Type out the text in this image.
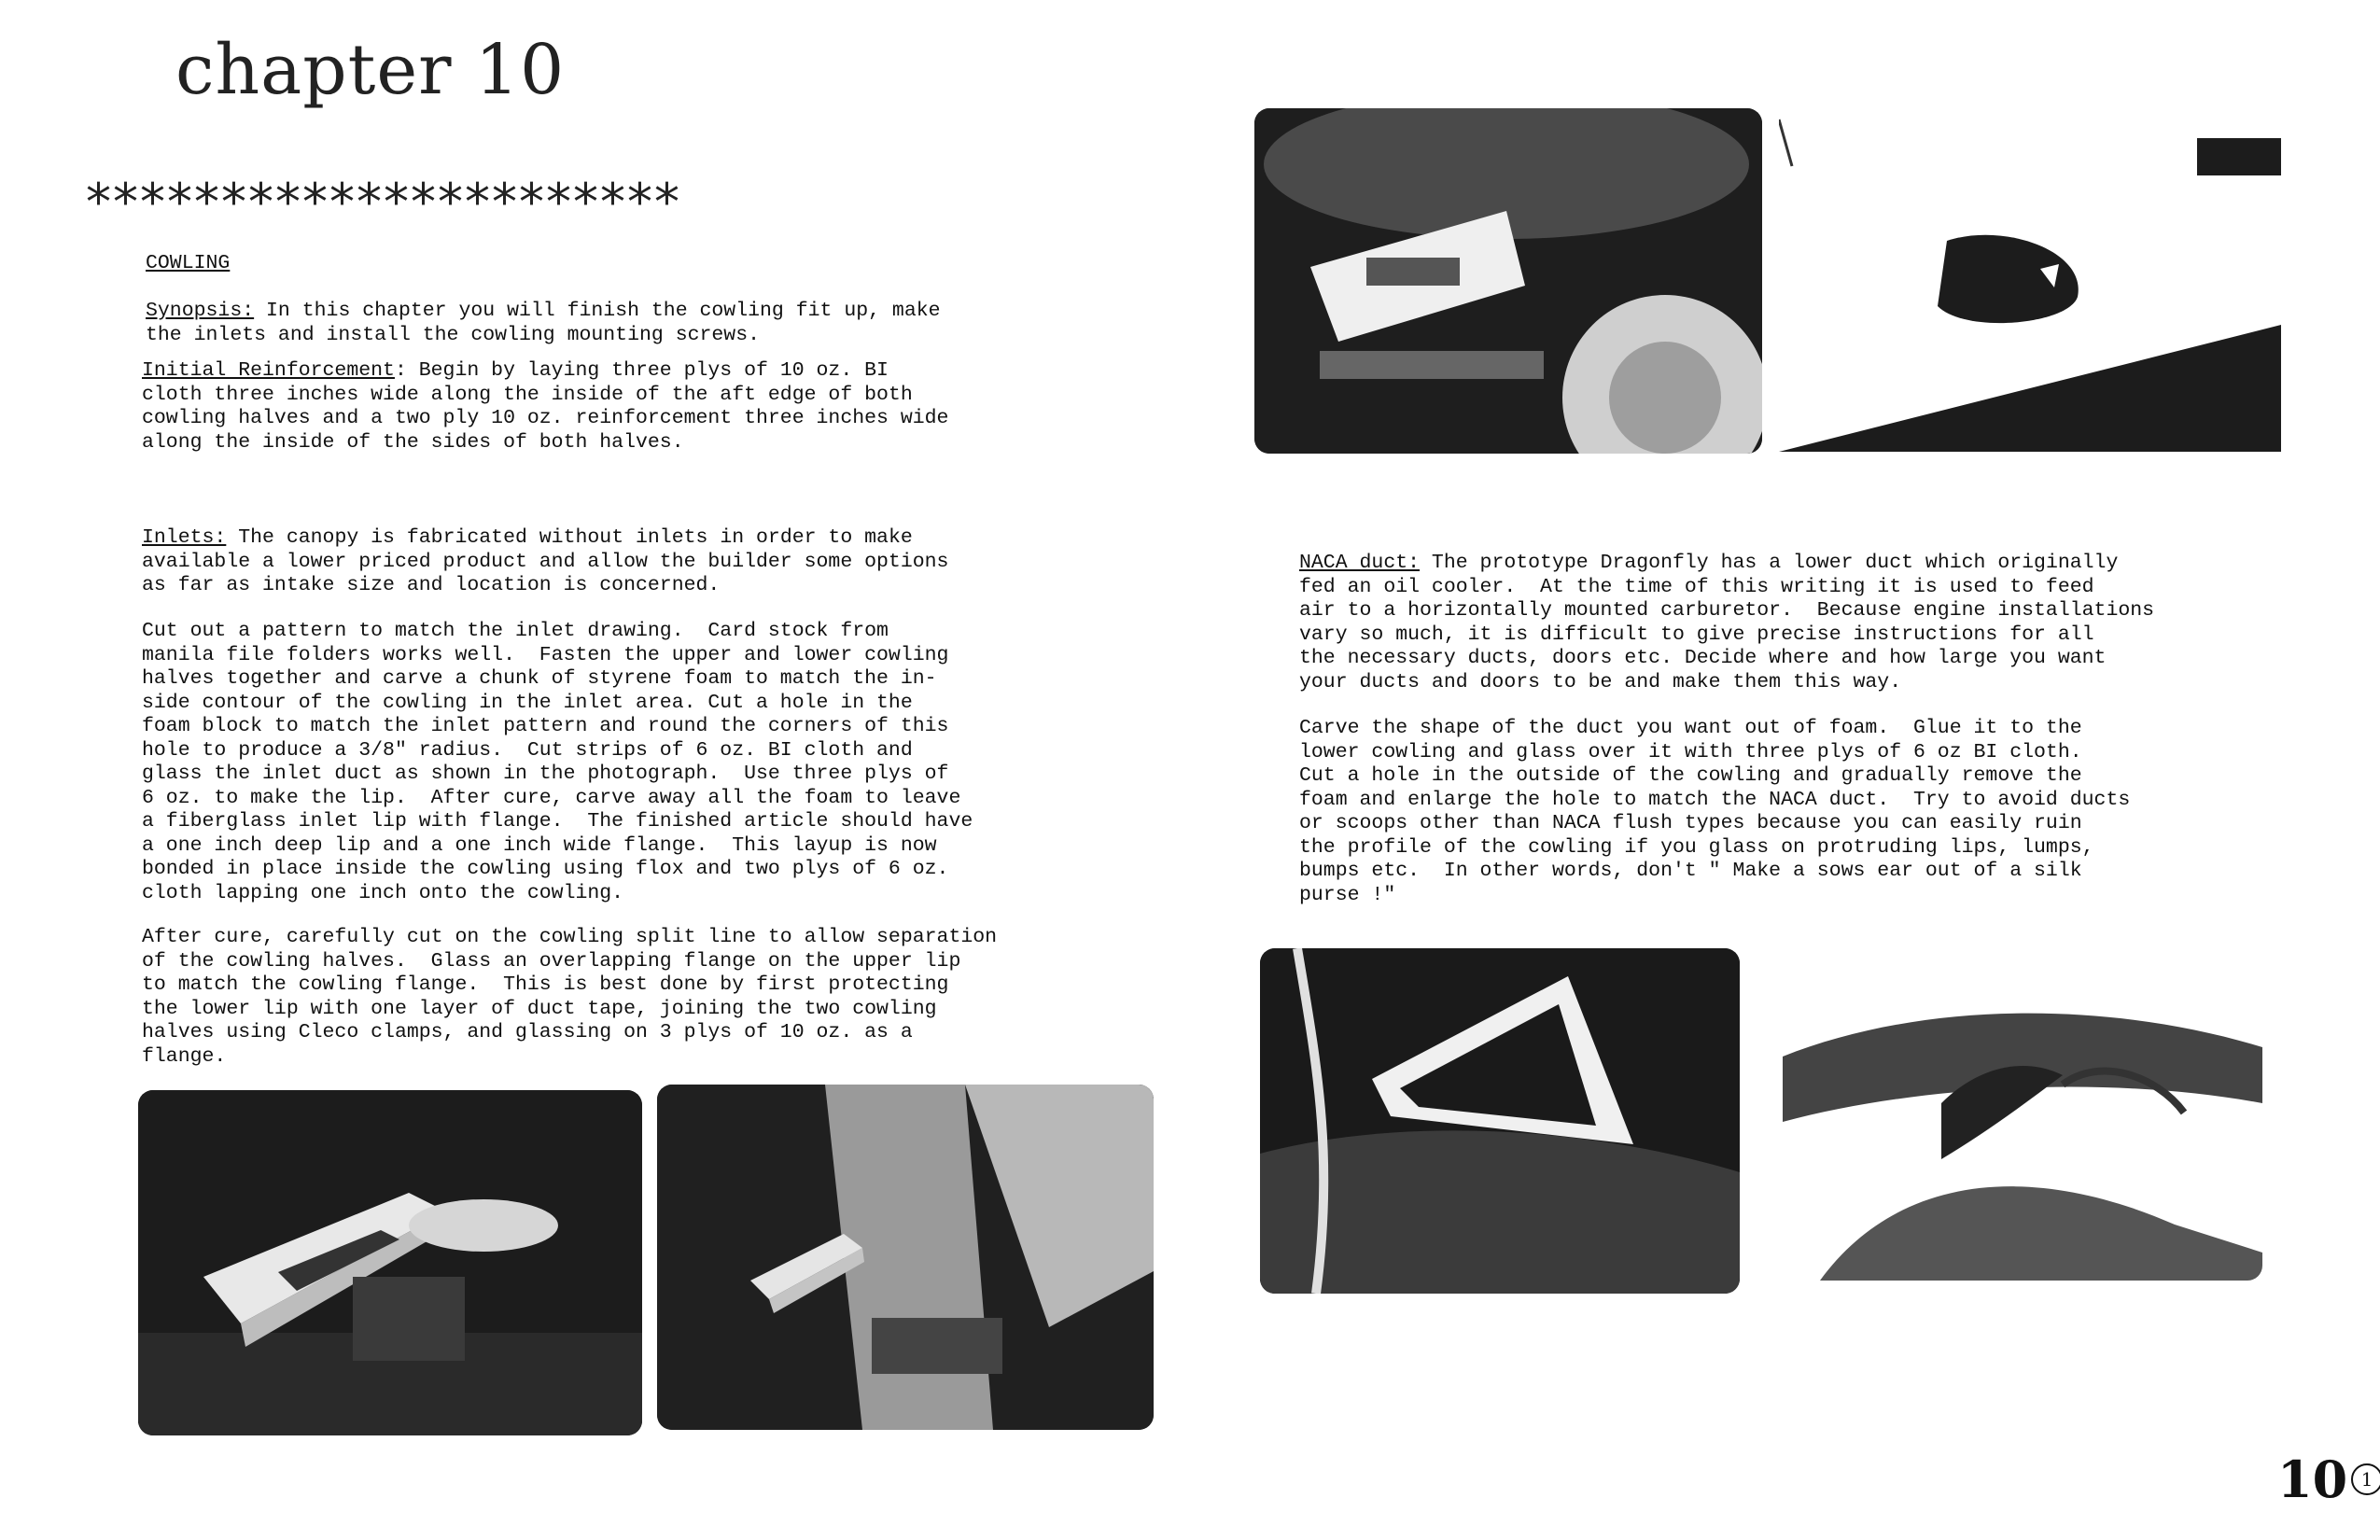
chapter 10
**********************
COWLING
Synopsis: In this chapter you will finish the cowling fit up, make
the inlets and install the cowling mounting screws.
Initial Reinforcement: Begin by laying three plys of 10 oz. BI
cloth three inches wide along the inside of the aft edge of both
cowling halves and a two ply 10 oz. reinforcement three inches wide
along the inside of the sides of both halves.
Inlets: The canopy is fabricated without inlets in order to make
available a lower priced product and allow the builder some options
as far as intake size and location is concerned.
Cut out a pattern to match the inlet drawing.  Card stock from
manila file folders works well.  Fasten the upper and lower cowling
halves together and carve a chunk of styrene foam to match the in-
side contour of the cowling in the inlet area. Cut a hole in the
foam block to match the inlet pattern and round the corners of this
hole to produce a 3/8" radius.  Cut strips of 6 oz. BI cloth and
glass the inlet duct as shown in the photograph.  Use three plys of
6 oz. to make the lip.  After cure, carve away all the foam to leave
a fiberglass inlet lip with flange.  The finished article should have
a one inch deep lip and a one inch wide flange.  This layup is now
bonded in place inside the cowling using flox and two plys of 6 oz.
cloth lapping one inch onto the cowling.
After cure, carefully cut on the cowling split line to allow separation
of the cowling halves.  Glass an overlapping flange on the upper lip
to match the cowling flange.  This is best done by first protecting
the lower lip with one layer of duct tape, joining the two cowling
halves using Cleco clamps, and glassing on 3 plys of 10 oz. as a
flange.
NACA duct: The prototype Dragonfly has a lower duct which originally
fed an oil cooler.  At the time of this writing it is used to feed
air to a horizontally mounted carburetor.  Because engine installations
vary so much, it is difficult to give precise instructions for all
the necessary ducts, doors etc. Decide where and how large you want
your ducts and doors to be and make them this way.
Carve the shape of the duct you want out of foam.  Glue it to the
lower cowling and glass over it with three plys of 6 oz BI cloth.
Cut a hole in the outside of the cowling and gradually remove the
foam and enlarge the hole to match the NACA duct.  Try to avoid ducts
or scoops other than NACA flush types because you can easily ruin
the profile of the cowling if you glass on protruding lips, lumps,
bumps etc.  In other words, don't " Make a sows ear out of a silk
purse !"
10 1
